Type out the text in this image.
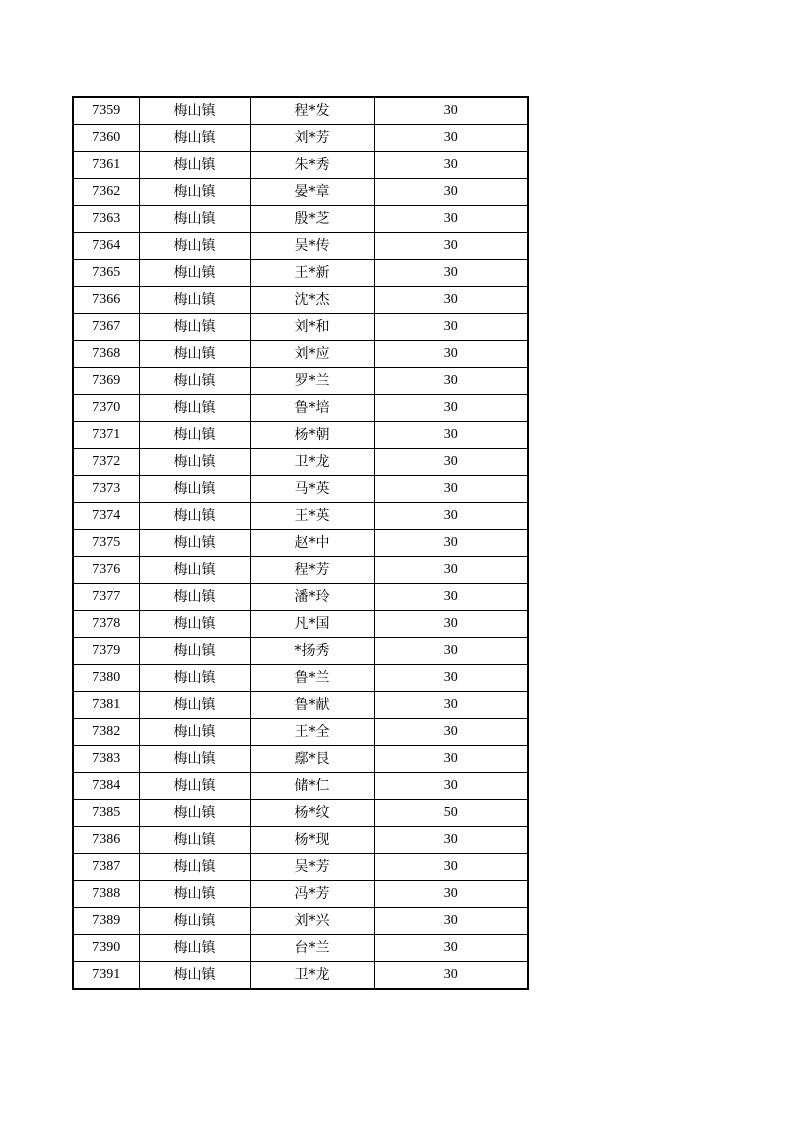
7359	梅山镇	程*发	30
7360	梅山镇	刘*芳	30
7361	梅山镇	朱*秀	30
7362	梅山镇	晏*章	30
7363	梅山镇	殷*芝	30
7364	梅山镇	吴*传	30
7365	梅山镇	王*新	30
7366	梅山镇	沈*杰	30
7367	梅山镇	刘*和	30
7368	梅山镇	刘*应	30
7369	梅山镇	罗*兰	30
7370	梅山镇	鲁*培	30
7371	梅山镇	杨*朝	30
7372	梅山镇	卫*龙	30
7373	梅山镇	马*英	30
7374	梅山镇	王*英	30
7375	梅山镇	赵*中	30
7376	梅山镇	程*芳	30
7377	梅山镇	潘*玲	30
7378	梅山镇	凡*国	30
7379	梅山镇	*扬秀	30
7380	梅山镇	鲁*兰	30
7381	梅山镇	鲁*献	30
7382	梅山镇	王*全	30
7383	梅山镇	鄢*艮	30
7384	梅山镇	储*仁	30
7385	梅山镇	杨*纹	50
7386	梅山镇	杨*现	30
7387	梅山镇	吴*芳	30
7388	梅山镇	冯*芳	30
7389	梅山镇	刘*兴	30
7390	梅山镇	台*兰	30
7391	梅山镇	卫*龙	30
